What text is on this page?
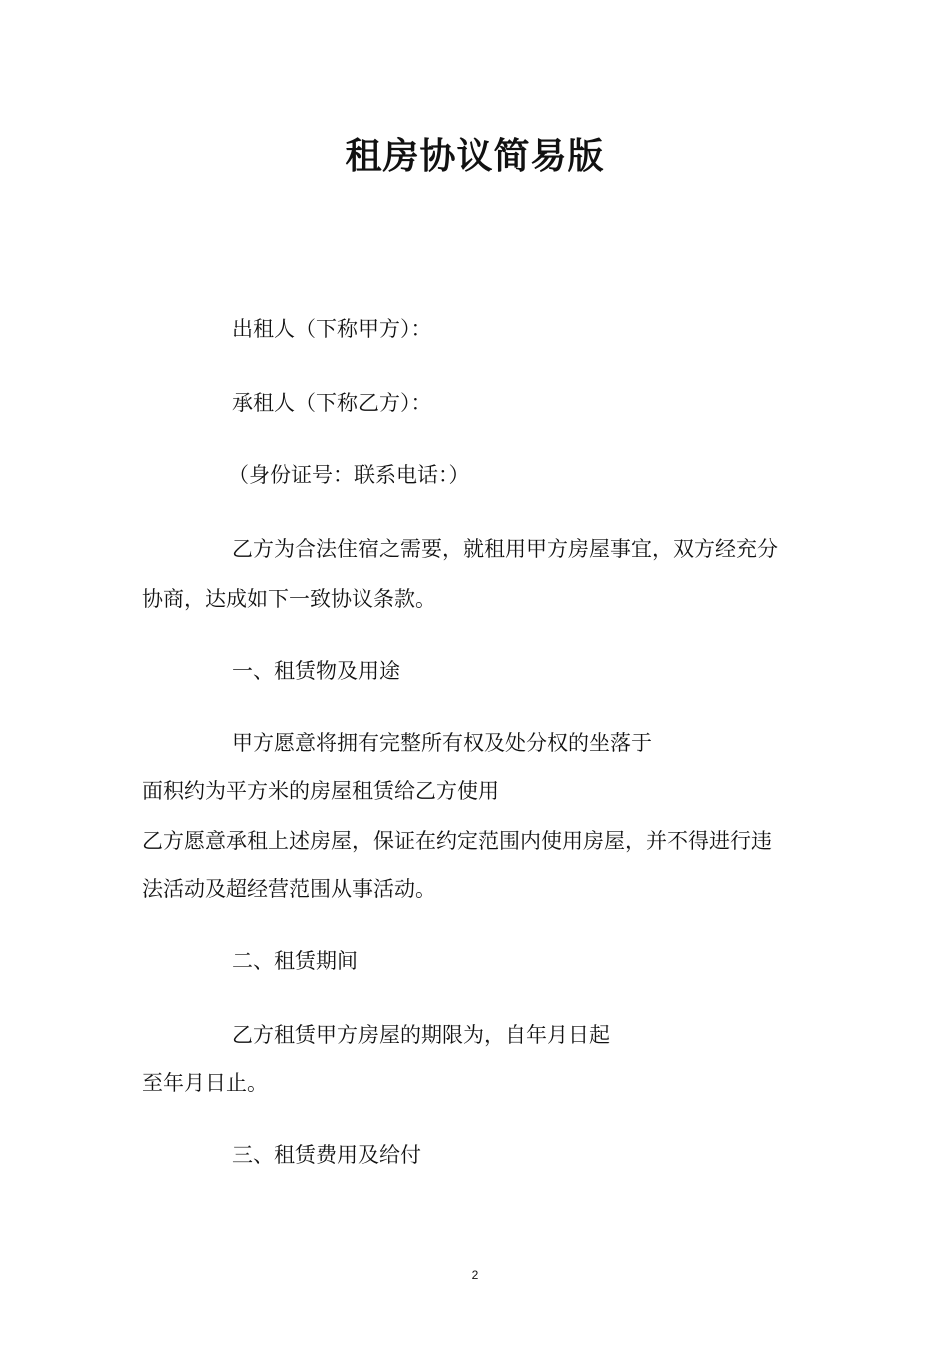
租房协议简易版
出租人（下称甲方）：
承租人（下称乙方）：
（身份证号：联系电话：）
乙方为合法住宿之需要，就租用甲方房屋事宜，双方经充分
协商，达成如下一致协议条款。
一、租赁物及用途
甲方愿意将拥有完整所有权及处分权的坐落于
面积约为平方米的房屋租赁给乙方使用
乙方愿意承租上述房屋，保证在约定范围内使用房屋，并不得进行违
法活动及超经营范围从事活动。
二、租赁期间
乙方租赁甲方房屋的期限为，自年月日起
至年月日止。
三、租赁费用及给付
2
